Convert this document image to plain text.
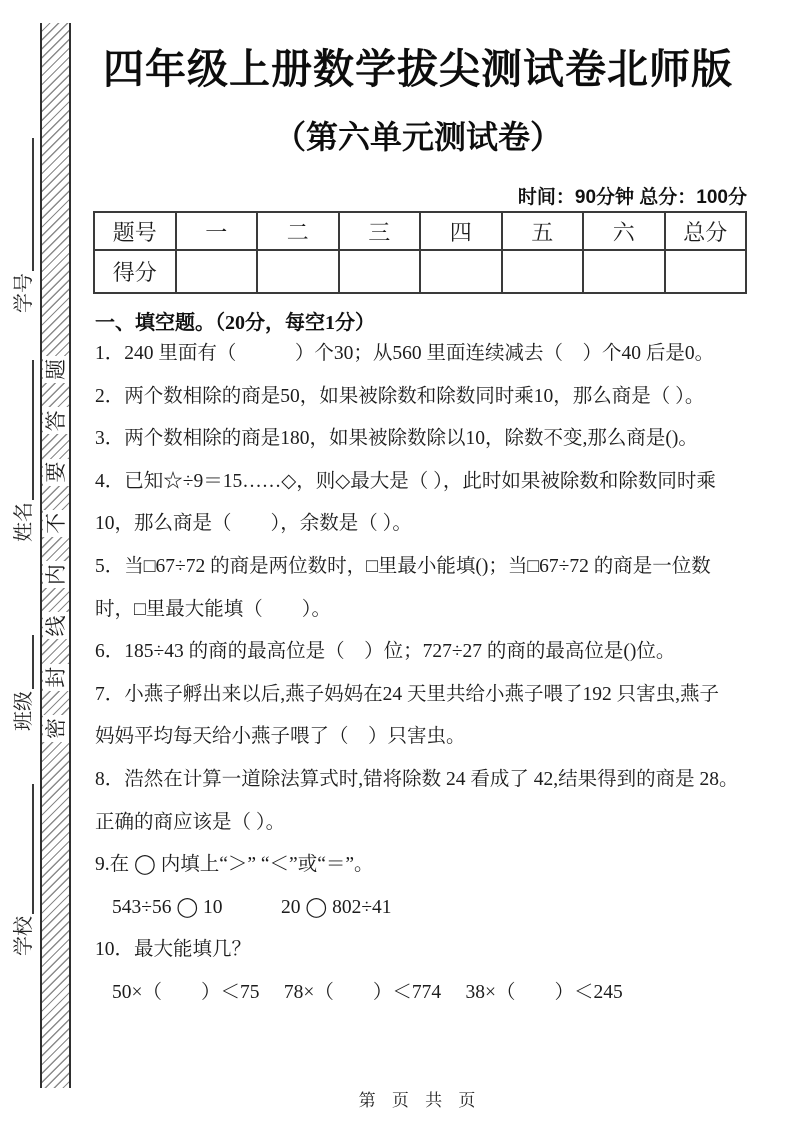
密
封
线
内
不
要
答
题
学号
姓名
班级
学校
四年级上册数学拔尖测试卷北师版
（第六单元测试卷）
时间：90分钟 总分：100分
题号	一	二	三	四	五	六	总分
得分							
一、填空题。（20分，每空1分）
1．240 里面有（　　　）个30；从560 里面连续减去（　）个40 后是0。
2．两个数相除的商是50，如果被除数和除数同时乘10，那么商是（ ）。
3．两个数相除的商是180，如果被除数除以10，除数不变,那么商是()。
4．已知☆÷9＝15……◇，则◇最大是（ ），此时如果被除数和除数同时乘
10，那么商是（　　），余数是（ ）。
5．当□67÷72 的商是两位数时，□里最小能填()；当□67÷72 的商是一位数
时，□里最大能填（　　）。
6．185÷43 的商的最高位是（　）位；727÷27 的商的最高位是()位。
7．小燕子孵出来以后,燕子妈妈在24 天里共给小燕子喂了192 只害虫,燕子
妈妈平均每天给小燕子喂了（　）只害虫。
8．浩然在计算一道除法算式时,错将除数 24 看成了 42,结果得到的商是 28。
正确的商应该是（ ）。
9.在 ◯ 内填上“＞” “＜”或“＝”。
543÷56 ◯ 10　　　20 ◯ 802÷41
10．最大能填几？
50×（　　）＜75　 78×（　　）＜774　 38×（　　）＜245
第 页 共 页
